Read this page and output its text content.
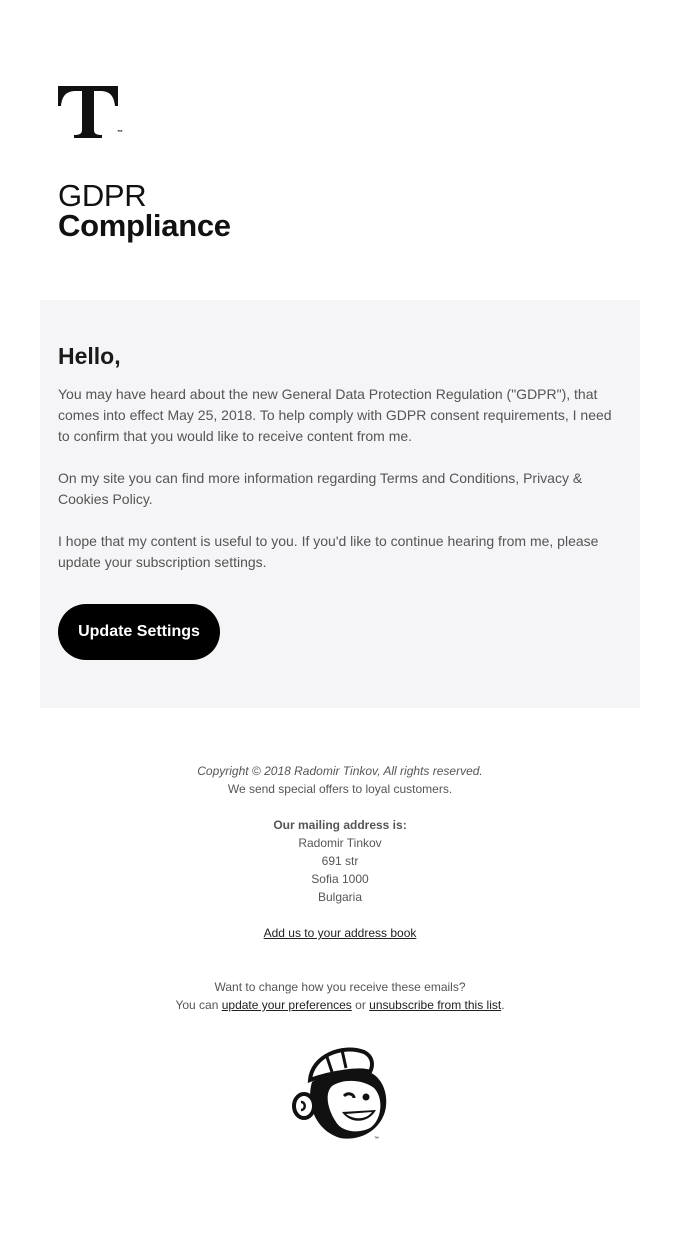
™
GDPR
Compliance
Hello,

You may have heard about the new General Data Protection Regulation ("GDPR"), that comes into effect May 25, 2018. To help comply with GDPR consent requirements, I need to confirm that you would like to receive content from me.

On my site you can find more information regarding Terms and Conditions, Privacy & Cookies Policy.

I hope that my content is useful to you. If you'd like to continue hearing from me, please update your subscription settings.

Update Settings

Copyright © 2018 Radomir Tinkov, All rights reserved.

We send special offers to loyal customers.

Our mailing address is:

Radomir Tinkov

691 str

Sofia 1000

Bulgaria

Add us to your address book

Want to change how you receive these emails?

You can update your preferences or unsubscribe from this list.

™
